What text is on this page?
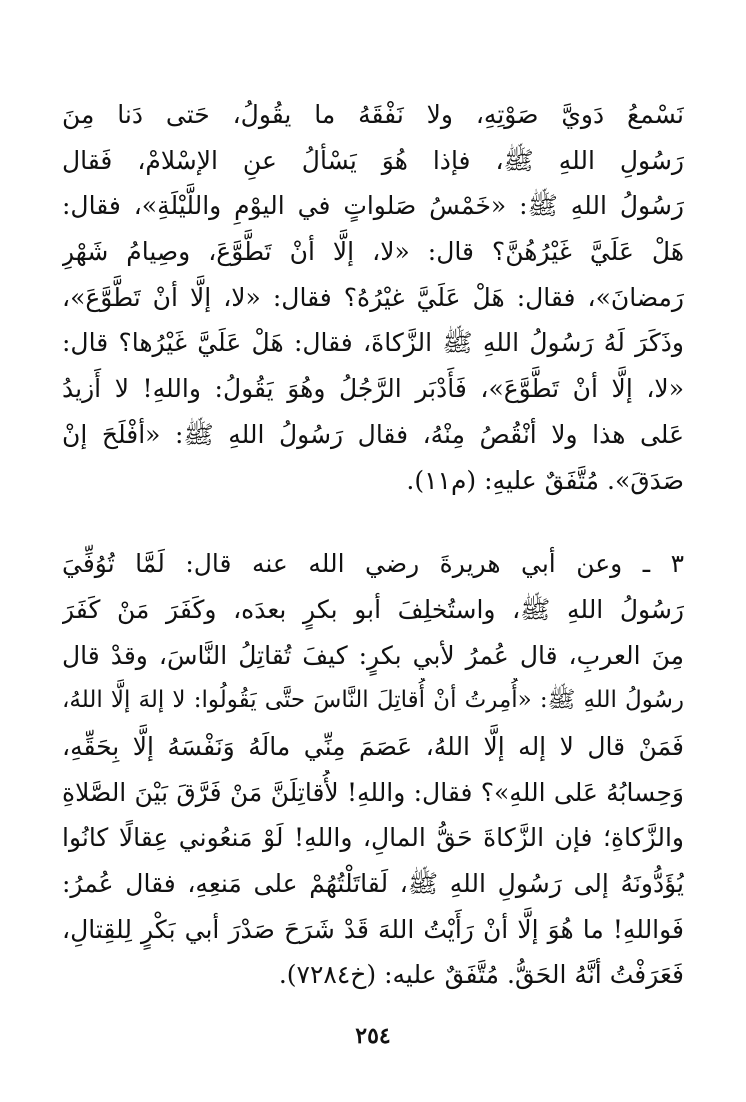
نَسْمعُ دَويَّ صَوْتِهِ، ولا نَفْقَهُ ما يقُولُ، حَتى دَنا مِنَ
رَسُولِ اللهِ ﷺ، فإذا هُوَ يَسْألُ عنِ الإسْلامْ، فَقال
رَسُولُ اللهِ ﷺ: «خَمْسُ صَلواتٍ في اليوْمِ واللَّيْلَةِ»، فقال:
هَلْ عَلَيَّ غَيْرُهُنَّ؟ قال: «لا، إلَّا أنْ تَطَّوَّعَ، وصِيامُ شَهْرِ
رَمضانَ»، فقال: هَلْ عَلَيَّ غيْرُهُ؟ فقال: «لا، إلَّا أنْ تَطَّوَّعَ»،
وذَكَرَ لَهُ رَسُولُ اللهِ ﷺ الزَّكاةَ، فقال: هَلْ عَلَيَّ غَيْرُها؟ قال:
«لا، إلَّا أنْ تَطَّوَّعَ»، فَأَدْبَر الرَّجُلُ وهُوَ يَقُولُ: واللهِ! لا أَزيدُ
عَلى هذا ولا أنْقُصُ مِنْهُ، فقال رَسُولُ اللهِ ﷺ: «أفْلَحَ إنْ
صَدَقَ». مُتَّفَقٌ عليهِ: (م١١).
٣ ـ وعن أبي هريرةَ رضي الله عنه قال: لَمَّا تُوُفِّيَ
رَسُولُ اللهِ ﷺ، واستُخلِفَ أبو بكرٍ بعدَه، وكَفَرَ مَنْ كَفَرَ
مِنَ العربِ، قال عُمرُ لأبي بكرٍ: كيفَ تُقاتِلُ النَّاسَ، وقدْ قال
رسُولُ اللهِ ﷺ: «أُمِرتُ أنْ أُقاتِلَ النَّاسَ حتَّى يَقُولُوا: لا إلهَ إلَّا اللهُ،
فَمَنْ قال لا إله إلَّا اللهُ، عَصَمَ مِنِّي مالَهُ وَنَفْسَهُ إلَّا بِحَقِّهِ،
وَحِسابُهُ عَلى اللهِ»؟ فقال: واللهِ! لأُقاتِلَنَّ مَنْ فَرَّقَ بَيْنَ الصَّلاةِ
والزَّكاةِ؛ فإن الزَّكاةَ حَقُّ المالِ، واللهِ! لَوْ مَنعُوني عِقالًا كانُوا
يُؤَدُّونَهُ إلى رَسُولِ اللهِ ﷺ، لَقاتَلْتُهُمْ على مَنعِهِ، فقال عُمرُ:
فَواللهِ! ما هُوَ إلَّا أنْ رَأَيْتُ اللهَ قَدْ شَرَحَ صَدْرَ أبي بَكْرٍ لِلقِتالِ،
فَعَرَفْتُ أنَّهُ الحَقُّ. مُتَّفَقٌ عليه: (خ٧٢٨٤).
٢٥٤
